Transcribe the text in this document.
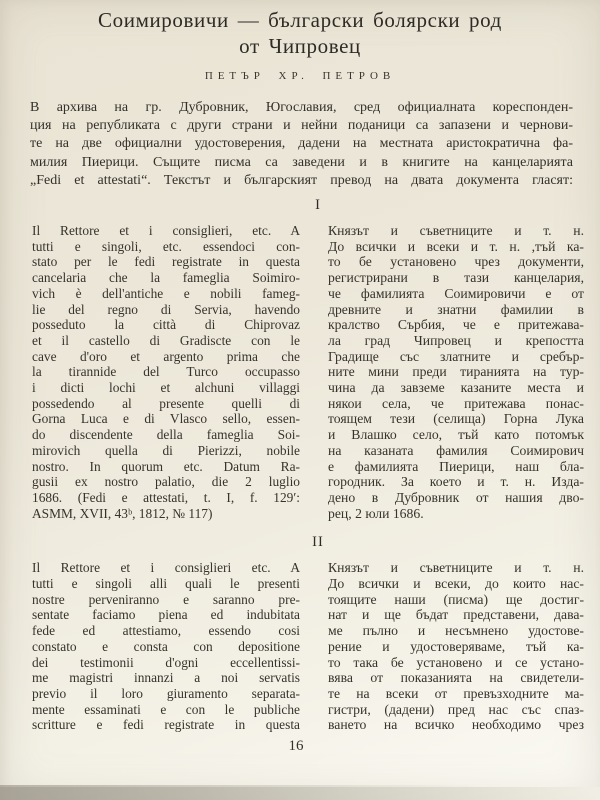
Соимировичи — български болярски род
от Чипровец
ПЕТЪР ХР. ПЕТРОВ
В архива на гр. Дубровник, Югославия, сред официалната кореспонден-
ция на републиката с други страни и нейни поданици са запазени и чернови-
те на две официални удостоверения, дадени на местната аристократична фа-
милия Пиерици. Същите писма са заведени и в книгите на канцеларията
„Fedi et attestati“. Текстът и българският превод на двата документа гласят:
I
Il Rettore et i consiglieri, etc. A
tutti e singoli, etc. essendoci con-
stato per le fedi registrate in questa
cancelaria che la fameglia Soimiro-
vich è dell'antiche e nobili fameg-
lie del regno di Servia, havendo
posseduto la città di Chiprovaz
et il castello di Gradiscte con le
cave d'oro et argento prima che
la tirannide del Turco occupasso
i dicti lochi et alchuni villaggi
possedendo al presente quelli di
Gorna Luca e di Vlasco sello, essen-
do discendente della fameglia Soi-
mirovich quella di Pierizzi, nobile
nostro. In quorum etc. Datum Ra-
gusii ex nostro palatio, die 2 luglio
1686. (Fedi e attestati, t. I, f. 129′:
ASMM, XVII, 43ᵇ, 1812, № 117)
Князът и съветниците и т. н.
До всички и всеки и т. н. ,тъй ка-
то бе установено чрез документи,
регистрирани в тази канцелария,
че фамилията Соимировичи е от
древните и знатни фамилии в
кралство Сърбия, че е притежава-
ла град Чипровец и крепостта
Градище със златните и сребър-
ните мини преди тиранията на тур-
чина да завземе казаните места и
някои села, че притежава понас-
тоящем тези (селища) Горна Лука
и Влашко село, тъй като потомък
на казаната фамилия Соимирович
е фамилията Пиерици, наш бла-
городник. За което и т. н. Изда-
дено в Дубровник от нашия дво-
рец, 2 юли 1686.
II
Il Rettore et i consiglieri etc. A
tutti e singoli alli quali le presenti
nostre perveniranno e saranno pre-
sentate faciamo piena ed indubitata
fede ed attestiamo, essendo cosi
constato e consta con depositione
dei testimonii d'ogni eccellentissi-
me magistri innanzi a noi servatis
previo il loro giuramento separata-
mente essaminati e con le publiche
scritture e fedi registrate in questa
Князът и съветниците и т. н.
До всички и всеки, до които нас-
тоящите наши (писма) ще достиг-
нат и ще бъдат представени, дава-
ме пълно и несъмнено удостове-
рение и удостоверяваме, тъй ка-
то така бе установено и се устано-
вява от показанията на свидетели-
те на всеки от превъзходните ма-
гистри, (дадени) пред нас със спаз-
ването на всичко необходимо чрез
16
